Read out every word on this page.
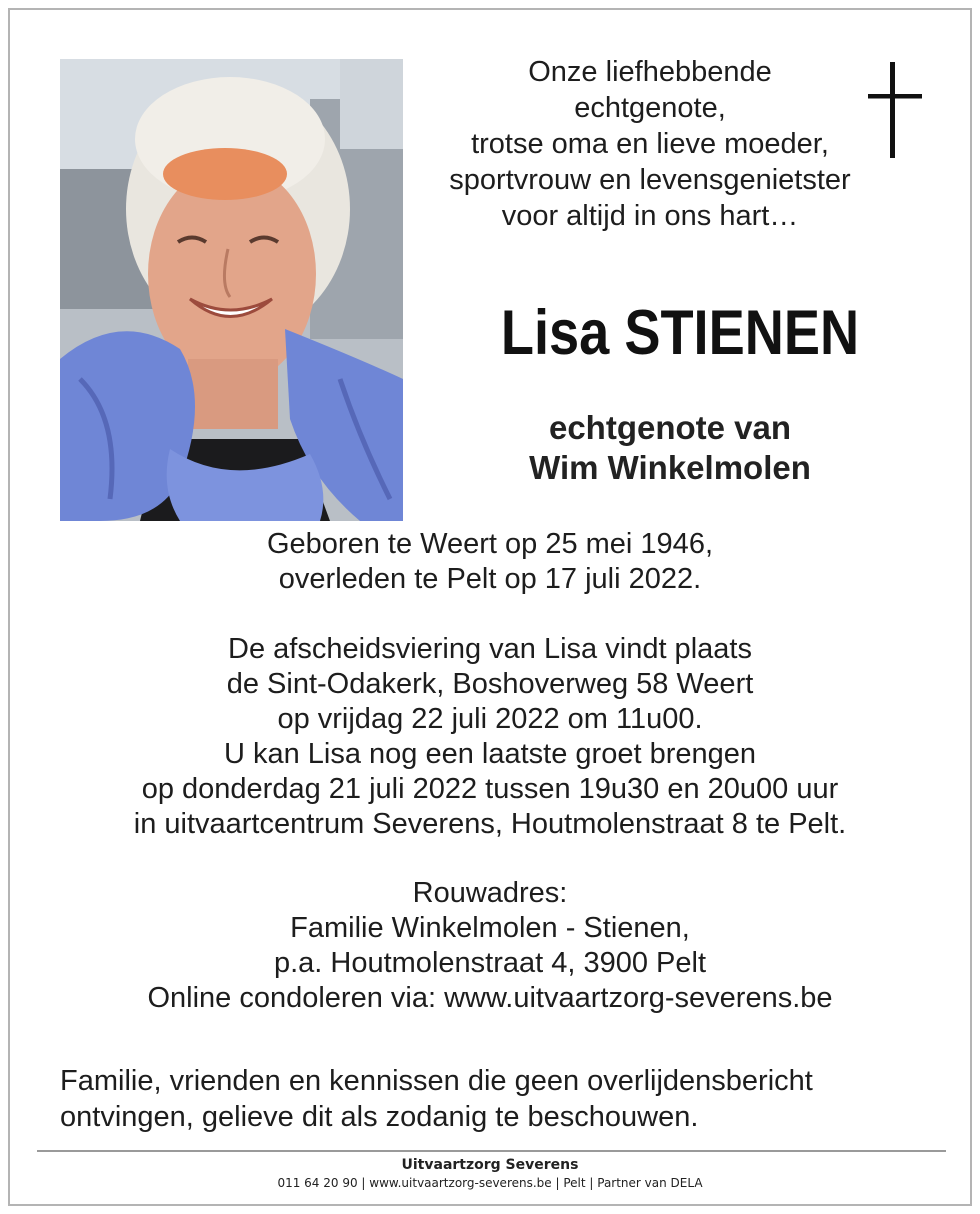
Onze liefhebbende
echtgenote,
trotse oma en lieve moeder,
sportvrouw en levensgenietster
voor altijd in ons hart…
Lisa STIENEN
echtgenote van
Wim Winkelmolen
Geboren te Weert op 25 mei 1946,
overleden te Pelt op 17 juli 2022.
De afscheidsviering van Lisa vindt plaats
de Sint-Odakerk, Boshoverweg 58 Weert
op vrijdag 22 juli 2022 om 11u00.
U kan Lisa nog een laatste groet brengen
op donderdag 21 juli 2022 tussen 19u30 en 20u00 uur
in uitvaartcentrum Severens, Houtmolenstraat 8 te Pelt.
Rouwadres:
Familie Winkelmolen - Stienen,
p.a. Houtmolenstraat 4, 3900 Pelt
Online condoleren via: www.uitvaartzorg-severens.be
Familie, vrienden en kennissen die geen overlijdensbericht
ontvingen, gelieve dit als zodanig te beschouwen.
Uitvaartzorg Severens
011 64 20 90 | www.uitvaartzorg-severens.be | Pelt | Partner van DELA
